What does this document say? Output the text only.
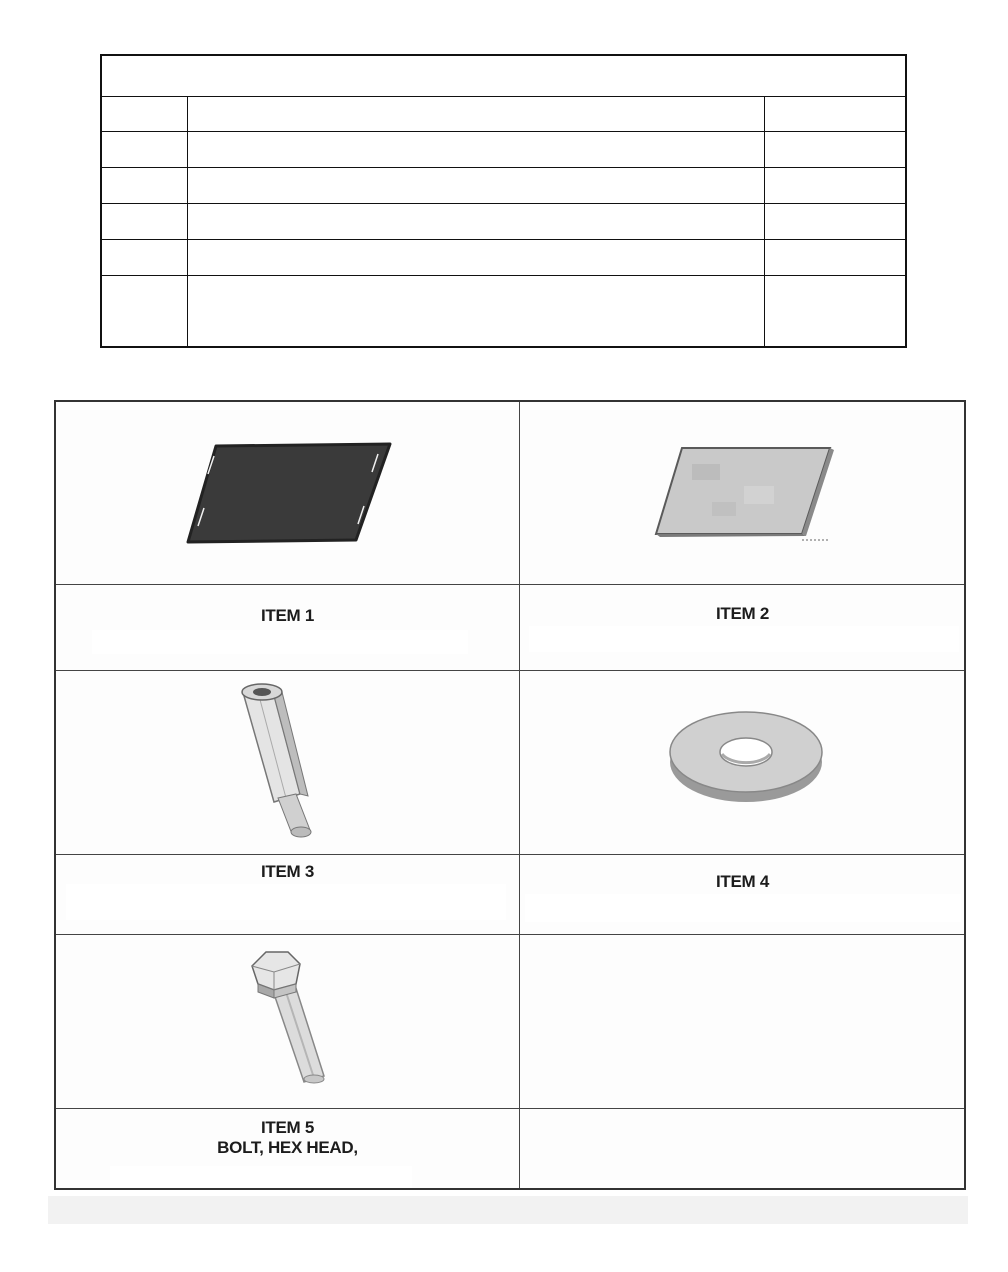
ITEM 1	ITEM 2
ITEM 3
ITEM 4
ITEM 5
BOLT, HEX HEAD,
